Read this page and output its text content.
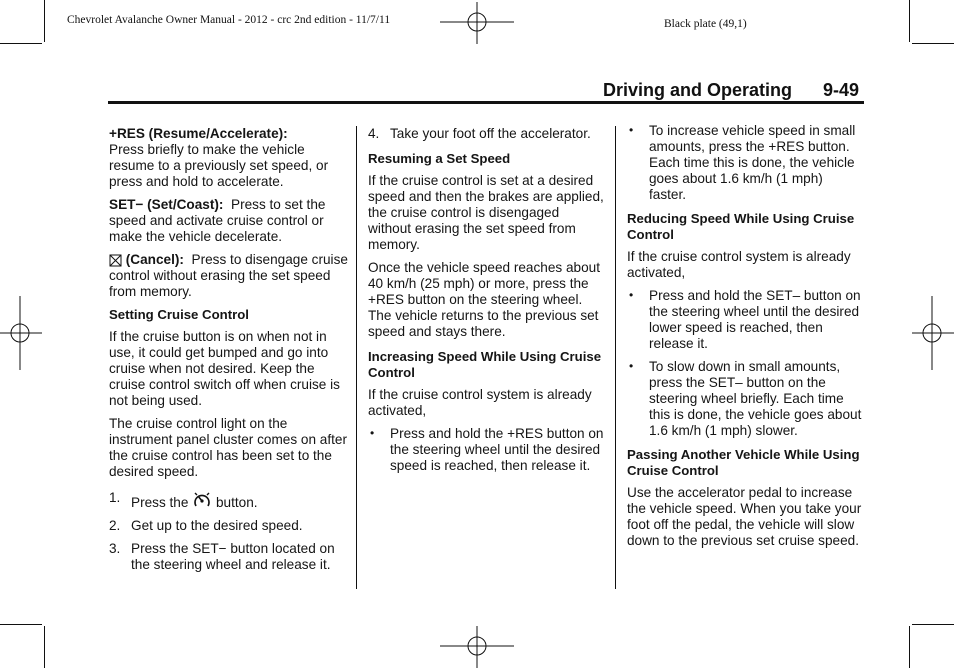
Chevrolet Avalanche Owner Manual - 2012 - crc 2nd edition - 11/7/11	Black plate (49,1)
Driving and Operating 9-49

+RES (Resume/Accelerate):
Press briefly to make the vehicle resume to a previously set speed, or press and hold to accelerate.

SET− (Set/Coast): Press to set the speed and activate cruise control or make the vehicle decelerate.

(Cancel): Press to disengage cruise control without erasing the set speed from memory.

Setting Cruise Control

If the cruise button is on when not in use, it could get bumped and go into cruise when not desired. Keep the cruise control switch off when cruise is not being used.

The cruise control light on the instrument panel cluster comes on after the cruise control has been set to the desired speed.

1. Press the button.
2. Get up to the desired speed.
3. Press the SET− button located on the steering wheel and release it.
4. Take your foot off the accelerator.

Resuming a Set Speed

If the cruise control is set at a desired speed and then the brakes are applied, the cruise control is disengaged without erasing the set speed from memory.

Once the vehicle speed reaches about 40 km/h (25 mph) or more, press the +RES button on the steering wheel. The vehicle returns to the previous set speed and stays there.

Increasing Speed While Using Cruise Control

If the cruise control system is already activated,

• Press and hold the +RES button on the steering wheel until the desired speed is reached, then release it.
• To increase vehicle speed in small amounts, press the +RES button. Each time this is done, the vehicle goes about 1.6 km/h (1 mph) faster.

Reducing Speed While Using Cruise Control

If the cruise control system is already activated,

• Press and hold the SET– button on the steering wheel until the desired lower speed is reached, then release it.
• To slow down in small amounts, press the SET– button on the steering wheel briefly. Each time this is done, the vehicle goes about 1.6 km/h (1 mph) slower.

Passing Another Vehicle While Using Cruise Control

Use the accelerator pedal to increase the vehicle speed. When you take your foot off the pedal, the vehicle will slow down to the previous set cruise speed.
